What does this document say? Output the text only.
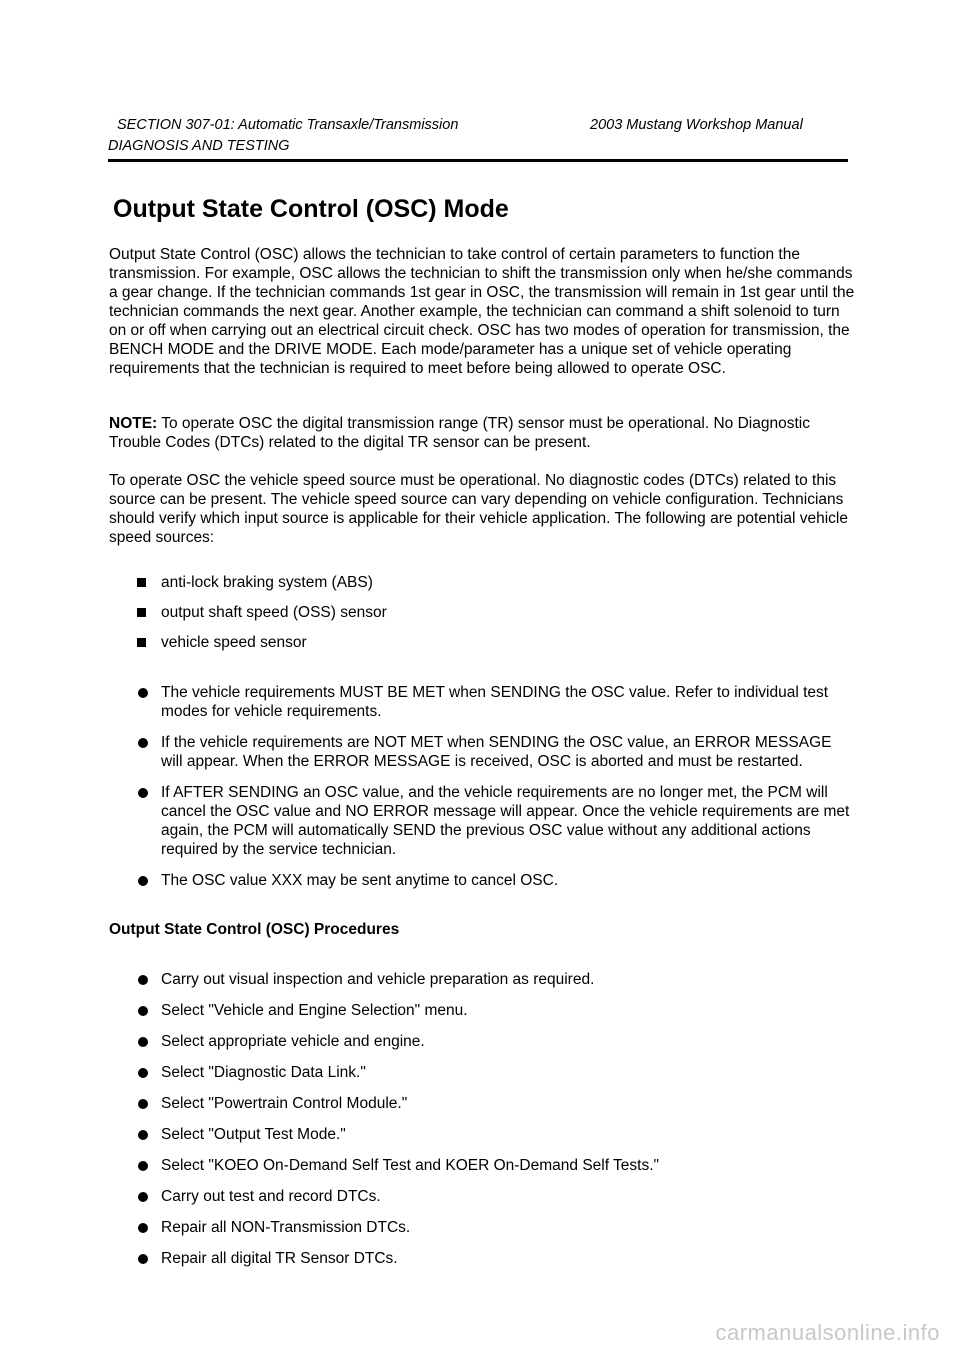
SECTION 307-01: Automatic Transaxle/Transmission	2003 Mustang Workshop Manual
DIAGNOSIS AND TESTING
Output State Control (OSC) Mode

Output State Control (OSC) allows the technician to take control of certain parameters to function the transmission. For example, OSC allows the technician to shift the transmission only when he/she commands a gear change. If the technician commands 1st gear in OSC, the transmission will remain in 1st gear until the technician commands the next gear. Another example, the technician can command a shift solenoid to turn on or off when carrying out an electrical circuit check. OSC has two modes of operation for transmission, the BENCH MODE and the DRIVE MODE. Each mode/parameter has a unique set of vehicle operating requirements that the technician is required to meet before being allowed to operate OSC.

NOTE: To operate OSC the digital transmission range (TR) sensor must be operational. No Diagnostic Trouble Codes (DTCs) related to the digital TR sensor can be present.

To operate OSC the vehicle speed source must be operational. No diagnostic codes (DTCs) related to this source can be present. The vehicle speed source can vary depending on vehicle configuration. Technicians should verify which input source is applicable for their vehicle application. The following are potential vehicle speed sources:

anti-lock braking system (ABS)
output shaft speed (OSS) sensor
vehicle speed sensor
The vehicle requirements MUST BE MET when SENDING the OSC value. Refer to individual test modes for vehicle requirements.
If the vehicle requirements are NOT MET when SENDING the OSC value, an ERROR MESSAGE will appear. When the ERROR MESSAGE is received, OSC is aborted and must be restarted.
If AFTER SENDING an OSC value, and the vehicle requirements are no longer met, the PCM will cancel the OSC value and NO ERROR message will appear. Once the vehicle requirements are met again, the PCM will automatically SEND the previous OSC value without any additional actions required by the service technician.
The OSC value XXX may be sent anytime to cancel OSC.
Output State Control (OSC) Procedures
Carry out visual inspection and vehicle preparation as required.
Select "Vehicle and Engine Selection" menu.
Select appropriate vehicle and engine.
Select "Diagnostic Data Link."
Select "Powertrain Control Module."
Select "Output Test Mode."
Select "KOEO On-Demand Self Test and KOER On-Demand Self Tests."
Carry out test and record DTCs.
Repair all NON-Transmission DTCs.
Repair all digital TR Sensor DTCs.
carmanualsonline.info
